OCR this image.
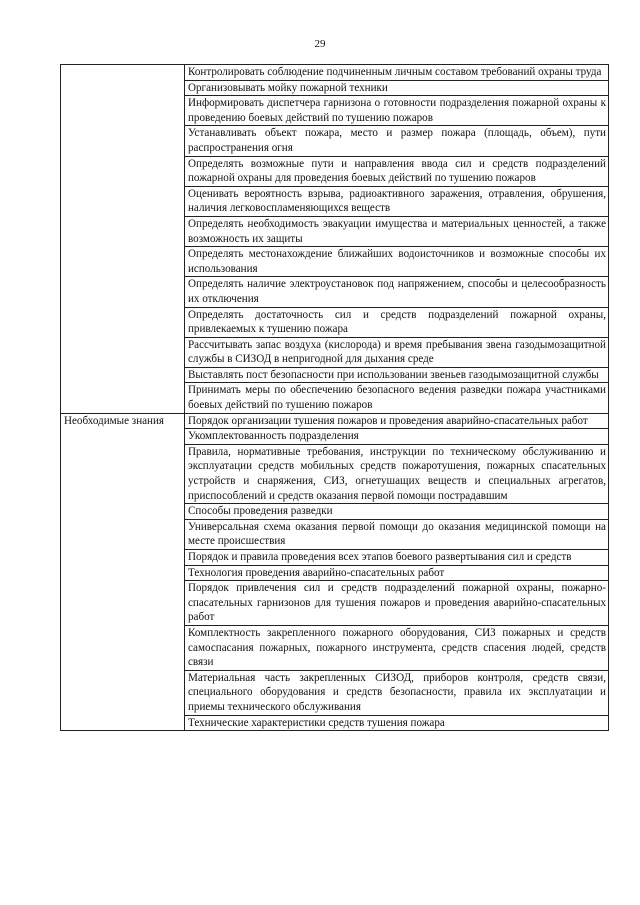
29
	Контролировать соблюдение подчиненным личным составом требований охраны труда
	Организовывать мойку пожарной техники
	Информировать диспетчера гарнизона о готовности подразделения пожарной охраны к проведению боевых действий по тушению пожаров
	Устанавливать объект пожара, место и размер пожара (площадь, объем), пути распространения огня
	Определять возможные пути и направления ввода сил и средств подразделений пожарной охраны для проведения боевых действий по тушению пожаров
	Оценивать вероятность взрыва, радиоактивного заражения, отравления, обрушения, наличия легковоспламеняющихся веществ
	Определять необходимость эвакуации имущества и материальных ценностей, а также возможность их защиты
	Определять местонахождение ближайших водоисточников и возможные способы их использования
	Определять наличие электроустановок под напряжением, способы и целесообразность их отключения
	Определять достаточность сил и средств подразделений пожарной охраны, привлекаемых к тушению пожара
	Рассчитывать запас воздуха (кислорода) и время пребывания звена газодымозащитной службы в СИЗОД в непригодной для дыхания среде
	Выставлять пост безопасности при использовании звеньев газодымозащитной службы
	Принимать меры по обеспечению безопасного ведения разведки пожара участниками боевых действий по тушению пожаров
Необходимые знания	Порядок организации тушения пожаров и проведения аварийно-спасательных работ
	Укомплектованность подразделения
	Правила, нормативные требования, инструкции по техническому обслуживанию и эксплуатации средств мобильных средств пожаротушения, пожарных спасательных устройств и снаряжения, СИЗ, огнетушащих веществ и специальных агрегатов, приспособлений и средств оказания первой помощи пострадавшим
	Способы проведения разведки
	Универсальная схема оказания первой помощи до оказания медицинской помощи на месте происшествия
	Порядок и правила проведения всех этапов боевого развертывания сил и средств
	Технология проведения аварийно-спасательных работ
	Порядок привлечения сил и средств подразделений пожарной охраны, пожарно-спасательных гарнизонов для тушения пожаров и проведения аварийно-спасательных работ
	Комплектность закрепленного пожарного оборудования, СИЗ пожарных и средств самоспасания пожарных, пожарного инструмента, средств спасения людей, средств связи
	Материальная часть закрепленных СИЗОД, приборов контроля, средств связи, специального оборудования и средств безопасности, правила их эксплуатации и приемы технического обслуживания
	Технические характеристики средств тушения пожара
